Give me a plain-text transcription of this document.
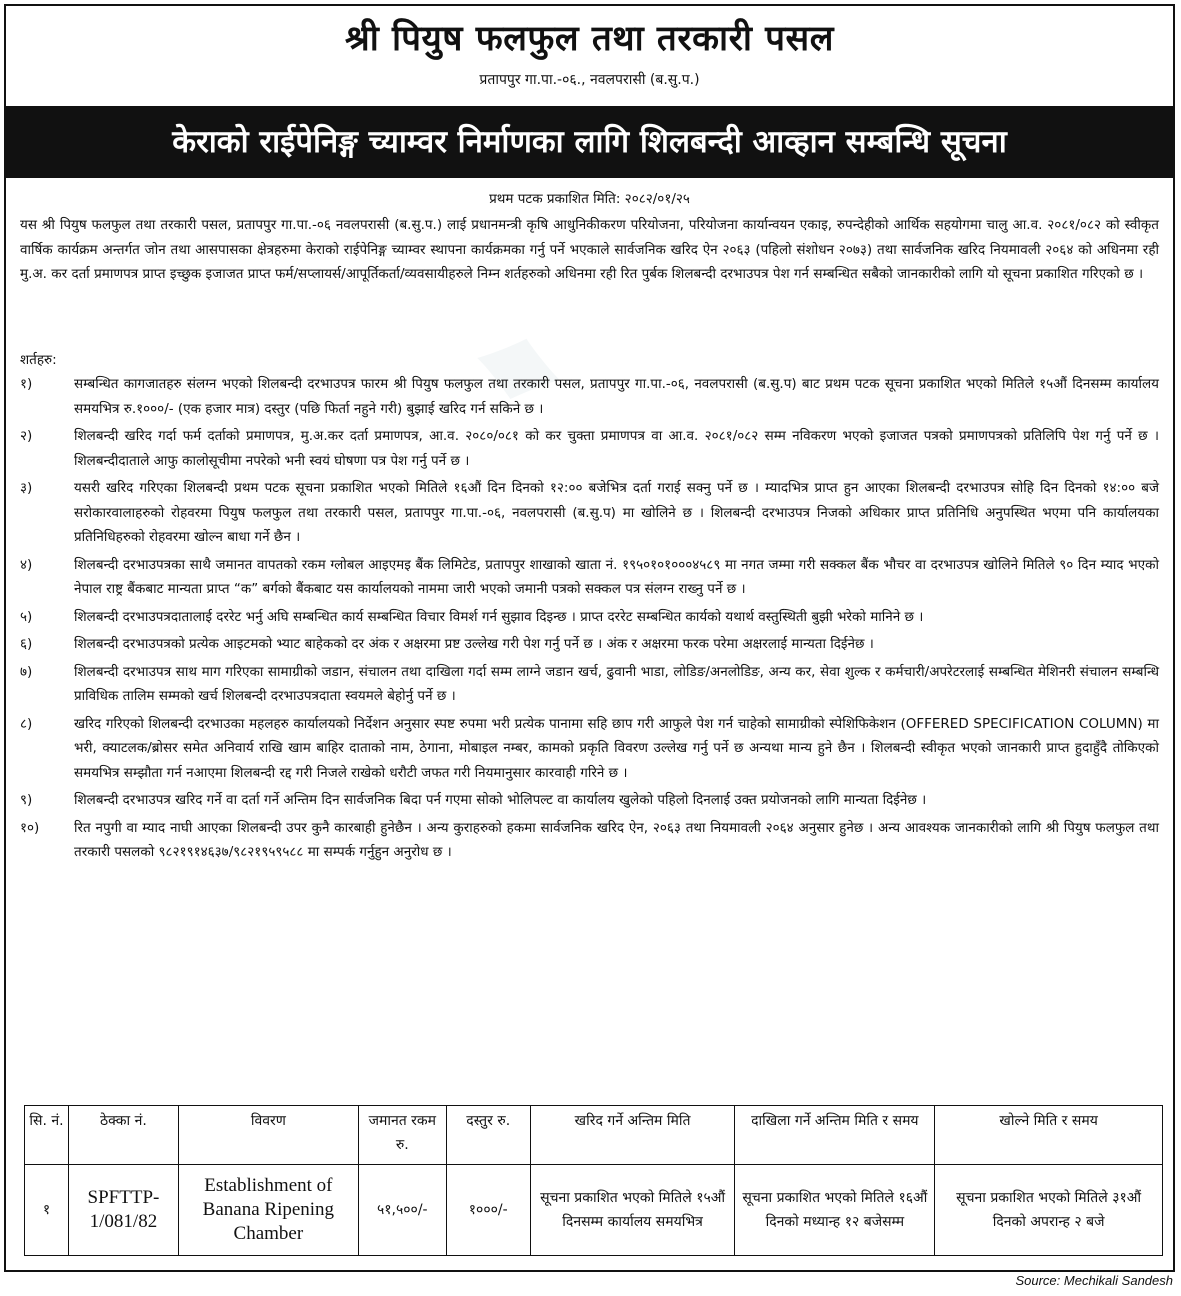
♦
श्री पियुष फलफुल तथा तरकारी पसल
प्रतापपुर गा.पा.-०६., नवलपरासी (ब.सु.प.)
केराको राईपेनिङ्ग च्याम्वर निर्माणका लागि शिलबन्दी आव्हान सम्बन्धि सूचना
प्रथम पटक प्रकाशित मिति: २०८२/०१/२५

यस श्री पियुष फलफुल तथा तरकारी पसल, प्रतापपुर गा.पा.-०६ नवलपरासी (ब.सु.प.) लाई प्रधानमन्त्री कृषि आधुनिकीकरण परियोजना, परियोजना कार्यान्वयन एकाइ, रुपन्देहीको आर्थिक सहयोगमा चालु आ.व. २०८१/०८२ को स्वीकृत वार्षिक कार्यक्रम अन्तर्गत जोन तथा आसपासका क्षेत्रहरुमा केराको राईपेनिङ्ग च्याम्वर स्थापना कार्यक्रमका गर्नु पर्ने भएकाले सार्वजनिक खरिद ऐन २०६३ (पहिलो संशोधन २०७३) तथा सार्वजनिक खरिद नियमावली २०६४ को अधिनमा रही मु.अ. कर दर्ता प्रमाणपत्र प्राप्त इच्छुक इजाजत प्राप्त फर्म/सप्लायर्स/आपूर्तिकर्ता/व्यवसायीहरुले निम्न शर्तहरुको अधिनमा रही रित पुर्बक शिलबन्दी दरभाउपत्र पेश गर्न सम्बन्धित सबैको जानकारीको लागि यो सूचना प्रकाशित गरिएको छ ।

शर्तहरु:
१)	सम्बन्धित कागजातहरु संलग्न भएको शिलबन्दी दरभाउपत्र फारम श्री पियुष फलफुल तथा तरकारी पसल, प्रतापपुर गा.पा.-०६, नवलपरासी (ब.सु.प) बाट प्रथम पटक सूचना प्रकाशित भएको मितिले १५औं दिनसम्म कार्यालय समयभित्र रु.१०००/- (एक हजार मात्र) दस्तुर (पछि फिर्ता नहुने गरी) बुझाई खरिद गर्न सकिने छ ।
२)	शिलबन्दी खरिद गर्दा फर्म दर्ताको प्रमाणपत्र, मु.अ.कर दर्ता प्रमाणपत्र, आ.व. २०८०/०८१ को कर चुक्ता प्रमाणपत्र वा आ.व. २०८१/०८२ सम्म नविकरण भएको इजाजत पत्रको प्रमाणपत्रको प्रतिलिपि पेश गर्नु पर्ने छ । शिलबन्दीदाताले आफु कालोसूचीमा नपरेको भनी स्वयं घोषणा पत्र पेश गर्नु पर्ने छ ।
३)	यसरी खरिद गरिएका शिलबन्दी प्रथम पटक सूचना प्रकाशित भएको मितिले १६औं दिन दिनको १२:०० बजेभित्र दर्ता गराई सक्नु पर्ने छ । म्यादभित्र प्राप्त हुन आएका शिलबन्दी दरभाउपत्र सोहि दिन दिनको १४:०० बजे सरोकारवालाहरुको रोहवरमा पियुष फलफुल तथा तरकारी पसल, प्रतापपुर गा.पा.-०६, नवलपरासी (ब.सु.प) मा खोलिने छ । शिलबन्दी दरभाउपत्र निजको अधिकार प्राप्त प्रतिनिधि अनुपस्थित भएमा पनि कार्यालयका प्रतिनिधिहरुको रोहवरमा खोल्न बाधा गर्ने छैन ।
४)	शिलबन्दी दरभाउपत्रका साथै जमानत वापतको रकम ग्लोबल आइएमइ बैंक लिमिटेड, प्रतापपुर शाखाको खाता नं. १९५०१०१०००४५८९ मा नगत जम्मा गरी सक्कल बैंक भौचर वा दरभाउपत्र खोलिने मितिले ९० दिन म्याद भएको नेपाल राष्ट्र बैंकबाट मान्यता प्राप्त “क” बर्गको बैंकबाट यस कार्यालयको नाममा जारी भएको जमानी पत्रको सक्कल पत्र संलग्न राख्नु पर्ने छ ।
५)	शिलबन्दी दरभाउपत्रदातालाई दररेट भर्नु अघि सम्बन्धित कार्य सम्बन्धित विचार विमर्श गर्न सुझाव दिइन्छ । प्राप्त दररेट सम्बन्धित कार्यको यथार्थ वस्तुस्थिती बुझी भरेको मानिने छ ।
६)	शिलबन्दी दरभाउपत्रको प्रत्येक आइटमको भ्याट बाहेकको दर अंक र अक्षरमा प्रष्ट उल्लेख गरी पेश गर्नु पर्ने छ । अंक र अक्षरमा फरक परेमा अक्षरलाई मान्यता दिईनेछ ।
७)	शिलबन्दी दरभाउपत्र साथ माग गरिएका सामाग्रीको जडान, संचालन तथा दाखिला गर्दा सम्म लाग्ने जडान खर्च, ढुवानी भाडा, लोडिङ/अनलोडिङ, अन्य कर, सेवा शुल्क र कर्मचारी/अपरेटरलाई सम्बन्धित मेशिनरी संचालन सम्बन्धि प्राविधिक तालिम सम्मको खर्च शिलबन्दी दरभाउपत्रदाता स्वयमले बेहोर्नु पर्ने छ ।
८)	खरिद गरिएको शिलबन्दी दरभाउका महलहरु कार्यालयको निर्देशन अनुसार स्पष्ट रुपमा भरी प्रत्येक पानामा सहि छाप गरी आफुले पेश गर्न चाहेको सामाग्रीको स्पेशिफिकेशन (OFFERED SPECIFICATION COLUMN) मा भरी, क्याटलक/ब्रोसर समेत अनिवार्य राखि खाम बाहिर दाताको नाम, ठेगाना, मोबाइल नम्बर, कामको प्रकृति विवरण उल्लेख गर्नु पर्ने छ अन्यथा मान्य हुने छैन । शिलबन्दी स्वीकृत भएको जानकारी प्राप्त हुदाहुँदै तोकिएको समयभित्र सम्झौता गर्न नआएमा शिलबन्दी रद्द गरी निजले राखेको धरौटी जफत गरी नियमानुसार कारवाही गरिने छ ।
९)	शिलबन्दी दरभाउपत्र खरिद गर्ने वा दर्ता गर्ने अन्तिम दिन सार्वजनिक बिदा पर्न गएमा सोको भोलिपल्ट वा कार्यालय खुलेको पहिलो दिनलाई उक्त प्रयोजनको लागि मान्यता दिईनेछ ।
१०)	रित नपुगी वा म्याद नाघी आएका शिलबन्दी उपर कुनै कारबाही हुनेछैन । अन्य कुराहरुको हकमा सार्वजनिक खरिद ऐन, २०६३ तथा नियमावली २०६४ अनुसार हुनेछ । अन्य आवश्यक जानकारीको लागि श्री पियुष फलफुल तथा तरकारी पसलको ९८२१९१४६३७/९८२१९५९५८८ मा सम्पर्क गर्नुहुन अनुरोध छ ।
सि. नं.	ठेक्का नं.	विवरण	जमानत रकम रु.	दस्तुर रु.	खरिद गर्ने अन्तिम मिति	दाखिला गर्ने अन्तिम मिति र समय	खोल्ने मिति र समय
१	SPFTTP-1/081/82	Establishment of Banana Ripening Chamber	५१,५००/-	१०००/-	सूचना प्रकाशित भएको मितिले १५औं दिनसम्म कार्यालय समयभित्र	सूचना प्रकाशित भएको मितिले १६औं दिनको मध्यान्ह १२ बजेसम्म	सूचना प्रकाशित भएको मितिले ३१औं दिनको अपरान्ह २ बजे
Source: Mechikali Sandesh
